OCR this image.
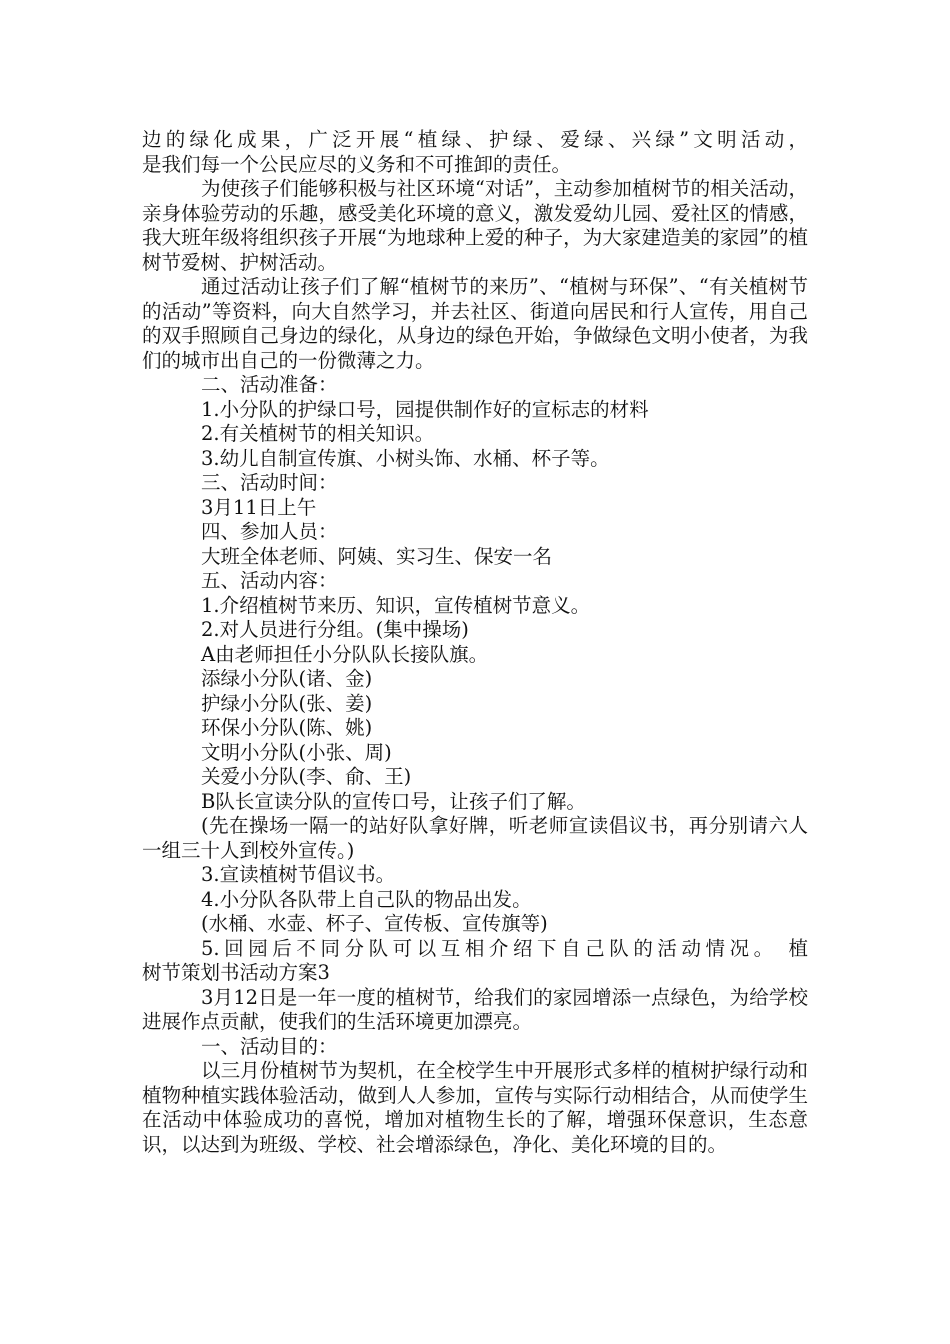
边的绿化成果，广泛开展“植绿、护绿、爱绿、兴绿”文明活动，

是我们每一个公民应尽的义务和不可推卸的责任。

为使孩子们能够积极与社区环境“对话”，主动参加植树节的相关活动，亲身体验劳动的乐趣，感受美化环境的意义，激发爱幼儿园、爱社区的情感，我大班年级将组织孩子开展“为地球种上爱的种子，为大家建造美的家园”的植树节爱树、护树活动。

通过活动让孩子们了解“植树节的来历”、“植树与环保”、“有关植树节的活动”等资料，向大自然学习，并去社区、街道向居民和行人宣传，用自己的双手照顾自己身边的绿化，从身边的绿色开始，争做绿色文明小使者，为我们的城市出自己的一份微薄之力。

二、活动准备：

1.小分队的护绿口号，园提供制作好的宣标志的材料

2.有关植树节的相关知识。

3.幼儿自制宣传旗、小树头饰、水桶、杯子等。

三、活动时间：

3月11日上午

四、参加人员：

大班全体老师、阿姨、实习生、保安一名

五、活动内容：

1.介绍植树节来历、知识，宣传植树节意义。

2.对人员进行分组。(集中操场)

A由老师担任小分队队长接队旗。

添绿小分队(诸、金)

护绿小分队(张、姜)

环保小分队(陈、姚)

文明小分队(小张、周)

关爱小分队(李、俞、王)

B队长宣读分队的宣传口号，让孩子们了解。

(先在操场一隔一的站好队拿好牌，听老师宣读倡议书，再分别请六人一组三十人到校外宣传。)

3.宣读植树节倡议书。

4.小分队各队带上自己队的物品出发。

(水桶、水壶、杯子、宣传板、宣传旗等)

5.回园后不同分队可以互相介绍下自己队的活动情况。 植

树节策划书活动方案3

3月12日是一年一度的植树节，给我们的家园增添一点绿色，为给学校进展作点贡献，使我们的生活环境更加漂亮。

一、活动目的：

以三月份植树节为契机，在全校学生中开展形式多样的植树护绿行动和植物种植实践体验活动，做到人人参加，宣传与实际行动相结合，从而使学生在活动中体验成功的喜悦，增加对植物生长的了解，增强环保意识，生态意识，以达到为班级、学校、社会增添绿色，净化、美化环境的目的。
